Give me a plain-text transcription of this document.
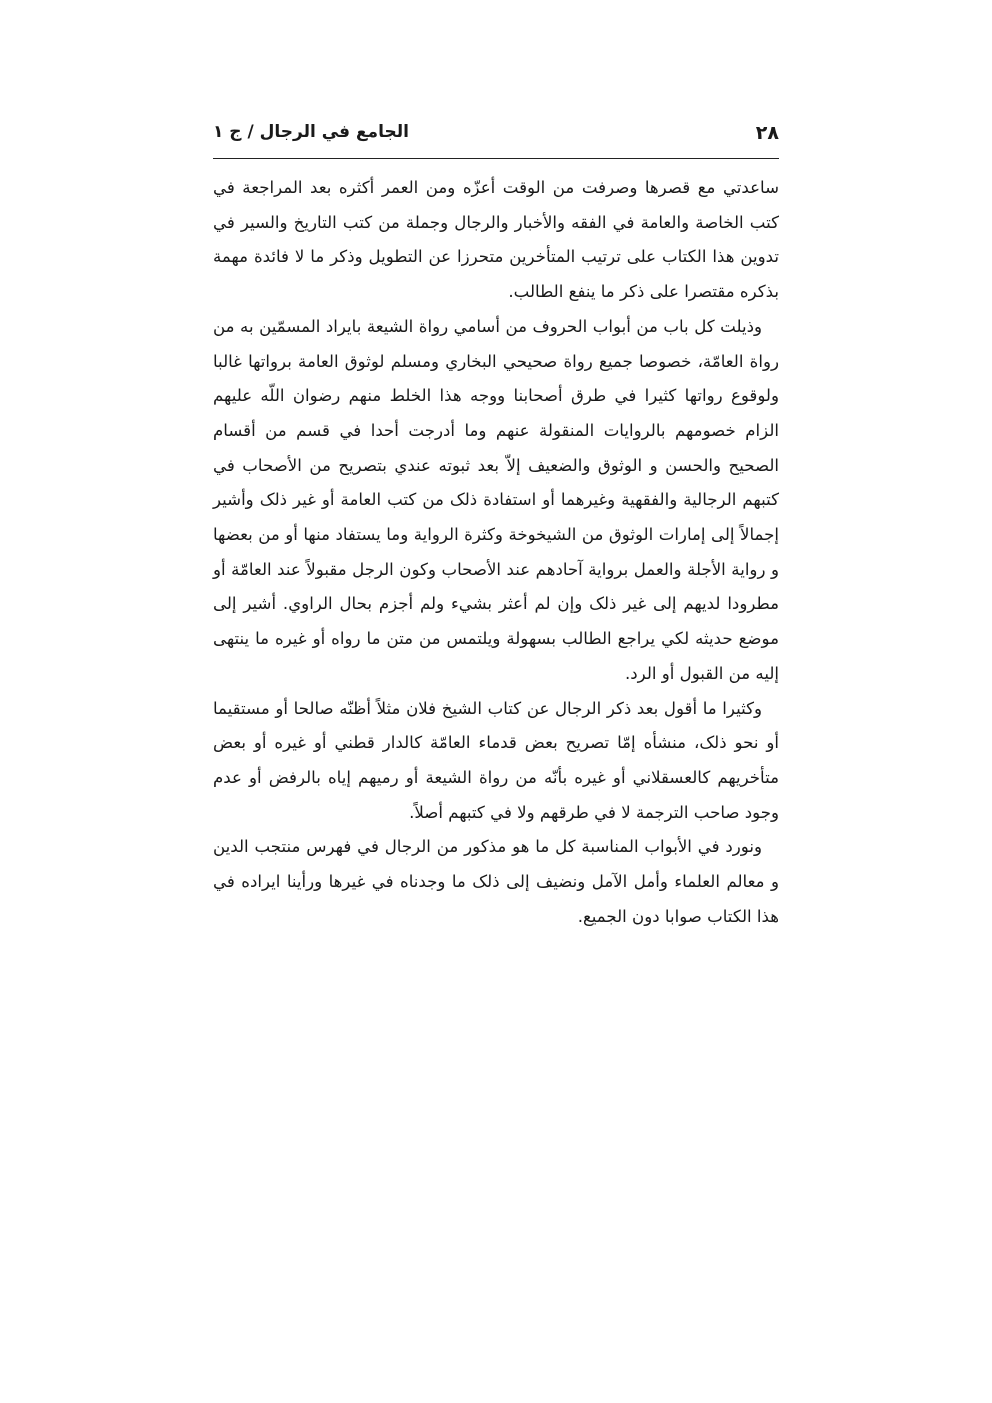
٢٨
الجامع في الرجال / ج ١

ساعدتي مع قصرها وصرفت من الوقت أعزّه ومن العمر أكثره بعد المراجعة في كتب الخاصة والعامة في الفقه والأخبار والرجال وجملة من كتب التاريخ والسير في تدوين هذا الكتاب على ترتيب المتأخرين متحرزا عن التطويل وذكر ما لا فائدة مهمة بذكره مقتصرا على ذكر ما ينفع الطالب.

وذيلت كل باب من أبواب الحروف من أسامي رواة الشيعة بايراد المسمّين به من رواة العامّة، خصوصا جميع رواة صحيحي البخاري ومسلم لوثوق العامة برواتها غالبا ولوقوع رواتها كثيرا في طرق أصحابنا ووجه هذا الخلط منهم رضوان اللّه عليهم الزام خصومهم بالروايات المنقولة عنهم وما أدرجت أحدا في قسم من أقسام الصحيح والحسن و الوثوق والضعيف إلاّ بعد ثبوته عندي بتصريح من الأصحاب في كتبهم الرجالية والفقهية وغيرهما أو استفادة ذلک من کتب العامة أو غير ذلک وأشير إجمالاً إلى إمارات الوثوق من الشيخوخة وكثرة الرواية وما يستفاد منها أو من بعضها و رواية الأجلة والعمل برواية آحادهم عند الأصحاب وكون الرجل مقبولاً عند العامّة أو مطرودا لديهم إلى غير ذلک وإن لم أعثر بشيء ولم أجزم بحال الراوي. أشير إلى موضع حديثه لكي يراجع الطالب بسهولة ويلتمس من متن ما رواه أو غيره ما ينتهى إليه من القبول أو الرد.

وكثيرا ما أقول بعد ذكر الرجال عن كتاب الشيخ فلان مثلاً أظنّه صالحا أو مستقيما أو نحو ذلک، منشأه إمّا تصريح بعض قدماء العامّة كالدار قطني أو غيره أو بعض متأخريهم كالعسقلاني أو غيره بأنّه من رواة الشيعة أو رميهم إياه بالرفض أو عدم وجود صاحب الترجمة لا في طرقهم ولا في كتبهم أصلاً.

ونورد في الأبواب المناسبة كل ما هو مذكور من الرجال في فهرس منتجب الدين و معالم العلماء وأمل الآمل ونضيف إلى ذلک ما وجدناه في غيرها ورأينا ايراده في هذا الكتاب صوابا دون الجميع.
